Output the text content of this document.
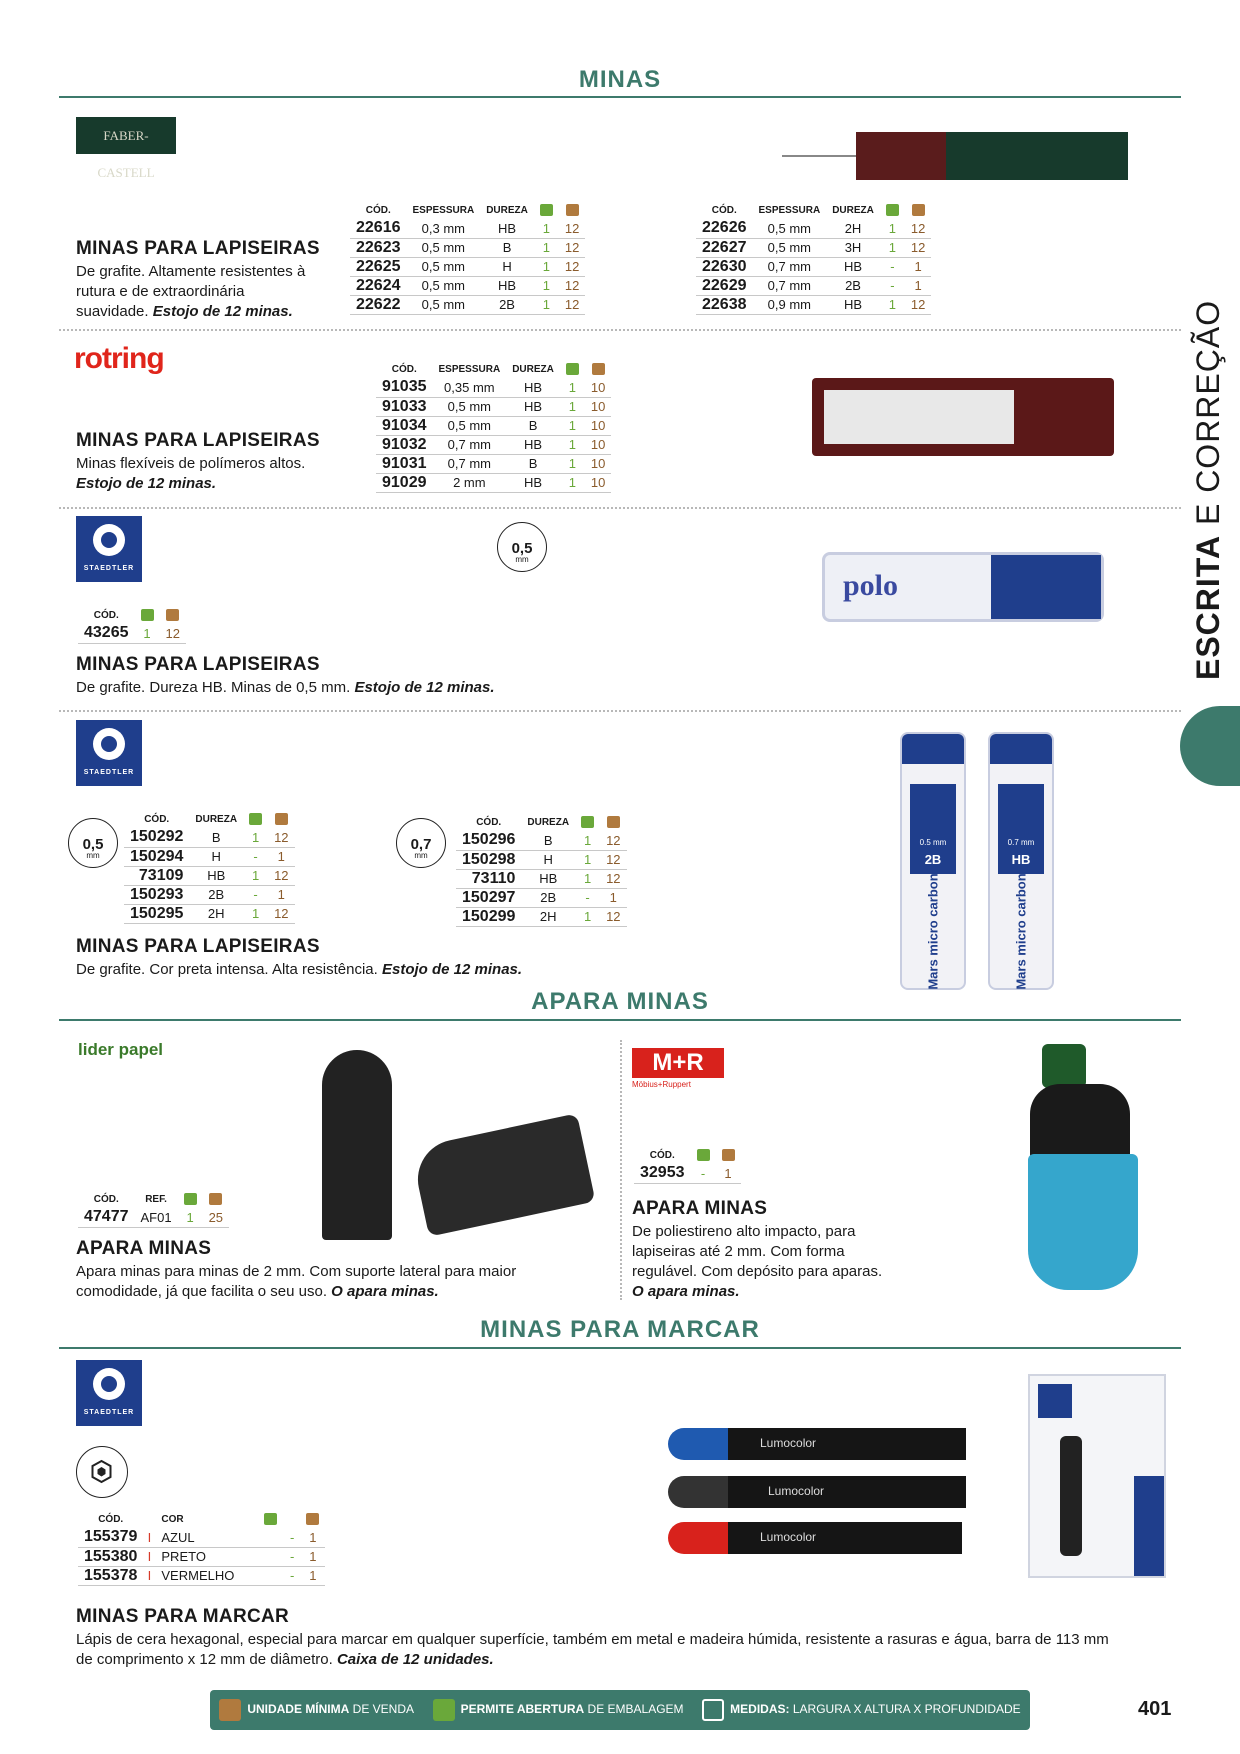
MINAS
ESCRITA E CORREÇÃO
FABER-CASTELL
MINAS PARA LAPISEIRAS
De grafite. Altamente resistentes à rutura e de extraordinária suavidade. Estojo de 12 minas.
CÓD.	ESPESSURA	DUREZA		
22616	0,3 mm	HB	1	12
22623	0,5 mm	B	1	12
22625	0,5 mm	H	1	12
22624	0,5 mm	HB	1	12
22622	0,5 mm	2B	1	12
CÓD.	ESPESSURA	DUREZA		
22626	0,5 mm	2H	1	12
22627	0,5 mm	3H	1	12
22630	0,7 mm	HB	-	1
22629	0,7 mm	2B	-	1
22638	0,9 mm	HB	1	12
rotring
MINAS PARA LAPISEIRAS
Minas flexíveis de polímeros altos.
Estojo de 12 minas.
CÓD.	ESPESSURA	DUREZA		
91035	0,35 mm	HB	1	10
91033	0,5 mm	HB	1	10
91034	0,5 mm	B	1	10
91032	0,7 mm	HB	1	10
91031	0,7 mm	B	1	10
91029	2 mm	HB	1	10
STAEDTLER
0,5
mm
polo
CÓD.		
43265	1	12
MINAS PARA LAPISEIRAS
De grafite. Dureza HB. Minas de 0,5 mm. Estojo de 12 minas.
STAEDTLER
0,5
mm
0,7
mm
CÓD.	DUREZA		
150292	B	1	12
150294	H	-	1
73109	HB	1	12
150293	2B	-	1
150295	2H	1	12
CÓD.	DUREZA		
150296	B	1	12
150298	H	1	12
73110	HB	1	12
150297	2B	-	1
150299	2H	1	12
0.5 mm
2B
Mars micro carbon
0.7 mm
HB
Mars micro carbon
MINAS PARA LAPISEIRAS
De grafite. Cor preta intensa. Alta resistência. Estojo de 12 minas.
APARA MINAS
lider papel
CÓD.	REF.		
47477	AF01	1	25
APARA MINAS
Apara minas para minas de 2 mm. Com suporte lateral para maior comodidade, já que facilita o seu uso. O apara minas.
M+R
Möbius+Ruppert
CÓD.		
32953	-	1
APARA MINAS
De poliestireno alto impacto, para lapiseiras até 2 mm. Com forma regulável. Com depósito para aparas.
O apara minas.
MINAS PARA MARCAR
STAEDTLER
CÓD.		COR		
155379	I	AZUL	-	1
155380	I	PRETO	-	1
155378	I	VERMELHO	-	1
Lumocolor
Lumocolor
Lumocolor
MINAS PARA MARCAR
Lápis de cera hexagonal, especial para marcar em qualquer superfície, também em metal e madeira húmida, resistente a rasuras e água, barra de 113 mm de comprimento x 12 mm de diâmetro. Caixa de 12 unidades.
UNIDADE MÍNIMA DE VENDA	PERMITE ABERTURA DE EMBALAGEM	MEDIDAS: LARGURA X ALTURA X PROFUNDIDADE	401
